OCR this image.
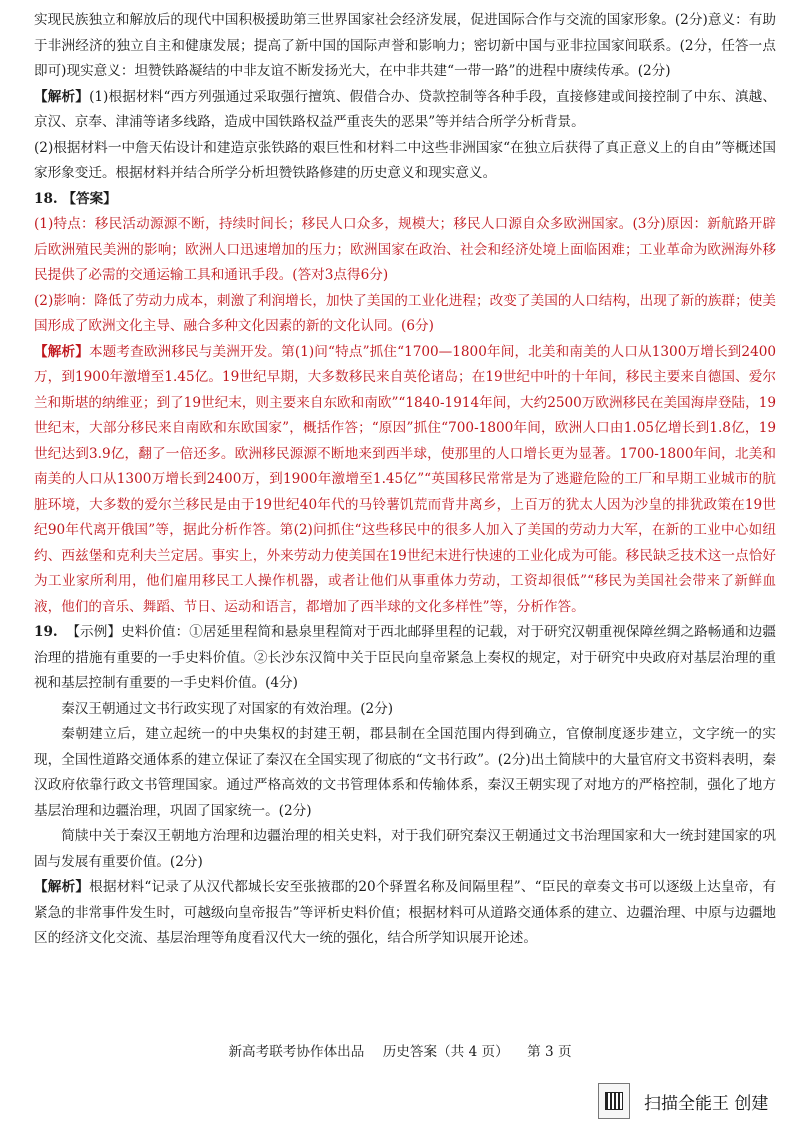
实现民族独立和解放后的现代中国积极援助第三世界国家社会经济发展，促进国际合作与交流的国家形象。(2分)意义：有助于非洲经济的独立自主和健康发展；提高了新中国的国际声誉和影响力；密切新中国与亚非拉国家间联系。(2分，任答一点即可)现实意义：坦赞铁路凝结的中非友谊不断发扬光大，在中非共建“一带一路”的进程中赓续传承。(2分)

【解析】(1)根据材料“西方列强通过采取强行擅筑、假借合办、贷款控制等各种手段，直接修建或间接控制了中东、滇越、京汉、京奉、津浦等诸多线路，造成中国铁路权益严重丧失的恶果”等并结合所学分析背景。

(2)根据材料一中詹天佑设计和建造京张铁路的艰巨性和材料二中这些非洲国家“在独立后获得了真正意义上的自由”等概述国家形象变迁。根据材料并结合所学分析坦赞铁路修建的历史意义和现实意义。

18. 【答案】

(1)特点：移民活动源源不断，持续时间长；移民人口众多，规模大；移民人口源自众多欧洲国家。(3分)原因：新航路开辟后欧洲殖民美洲的影响；欧洲人口迅速增加的压力；欧洲国家在政治、社会和经济处境上面临困难；工业革命为欧洲海外移民提供了必需的交通运输工具和通讯手段。(答对3点得6分)

(2)影响：降低了劳动力成本，刺激了利润增长，加快了美国的工业化进程；改变了美国的人口结构，出现了新的族群；使美国形成了欧洲文化主导、融合多种文化因素的新的文化认同。(6分)

【解析】本题考查欧洲移民与美洲开发。第(1)问“特点”抓住“1700—1800年间，北美和南美的人口从1300万增长到2400万，到1900年激增至1.45亿。19世纪早期，大多数移民来自英伦诸岛；在19世纪中叶的十年间，移民主要来自德国、爱尔兰和斯堪的纳维亚；到了19世纪末，则主要来自东欧和南欧”“1840-1914年间，大约2500万欧洲移民在美国海岸登陆，19世纪末，大部分移民来自南欧和东欧国家”，概括作答；“原因”抓住“700-1800年间，欧洲人口由1.05亿增长到1.8亿，19世纪达到3.9亿，翻了一倍还多。欧洲移民源源不断地来到西半球，使那里的人口增长更为显著。1700-1800年间，北美和南美的人口从1300万增长到2400万，到1900年激增至1.45亿”“英国移民常常是为了逃避危险的工厂和早期工业城市的肮脏环境，大多数的爱尔兰移民是由于19世纪40年代的马铃薯饥荒而背井离乡，上百万的犹太人因为沙皇的排犹政策在19世纪90年代离开俄国”等，据此分析作答。第(2)问抓住“这些移民中的很多人加入了美国的劳动力大军，在新的工业中心如纽约、西兹堡和克利夫兰定居。事实上，外来劳动力使美国在19世纪末进行快速的工业化成为可能。移民缺乏技术这一点恰好为工业家所利用，他们雇用移民工人操作机器，或者让他们从事重体力劳动，工资却很低”“移民为美国社会带来了新鲜血液，他们的音乐、舞蹈、节日、运动和语言，都增加了西半球的文化多样性”等，分析作答。

19. 【示例】史料价值：①居延里程简和悬泉里程简对于西北邮驿里程的记载，对于研究汉朝重视保障丝绸之路畅通和边疆治理的措施有重要的一手史料价值。②长沙东汉简中关于臣民向皇帝紧急上奏权的规定，对于研究中央政府对基层治理的重视和基层控制有重要的一手史料价值。(4分)

秦汉王朝通过文书行政实现了对国家的有效治理。(2分)

秦朝建立后，建立起统一的中央集权的封建王朝，郡县制在全国范围内得到确立，官僚制度逐步建立，文字统一的实现，全国性道路交通体系的建立保证了秦汉在全国实现了彻底的“文书行政”。(2分)出土简牍中的大量官府文书资料表明，秦汉政府依靠行政文书管理国家。通过严格高效的文书管理体系和传输体系，秦汉王朝实现了对地方的严格控制，强化了地方基层治理和边疆治理，巩固了国家统一。(2分)

简牍中关于秦汉王朝地方治理和边疆治理的相关史料，对于我们研究秦汉王朝通过文书治理国家和大一统封建国家的巩固与发展有重要价值。(2分)

【解析】根据材料“记录了从汉代都城长安至张掖郡的20个驿置名称及间隔里程”、“臣民的章奏文书可以逐级上达皇帝，有紧急的非常事件发生时，可越级向皇帝报告”等评析史料价值；根据材料可从道路交通体系的建立、边疆治理、中原与边疆地区的经济文化交流、基层治理等角度看汉代大一统的强化，结合所学知识展开论述。

新高考联考协作体出品 历史答案（共 4 页） 第 3 页
扫描全能王 创建
